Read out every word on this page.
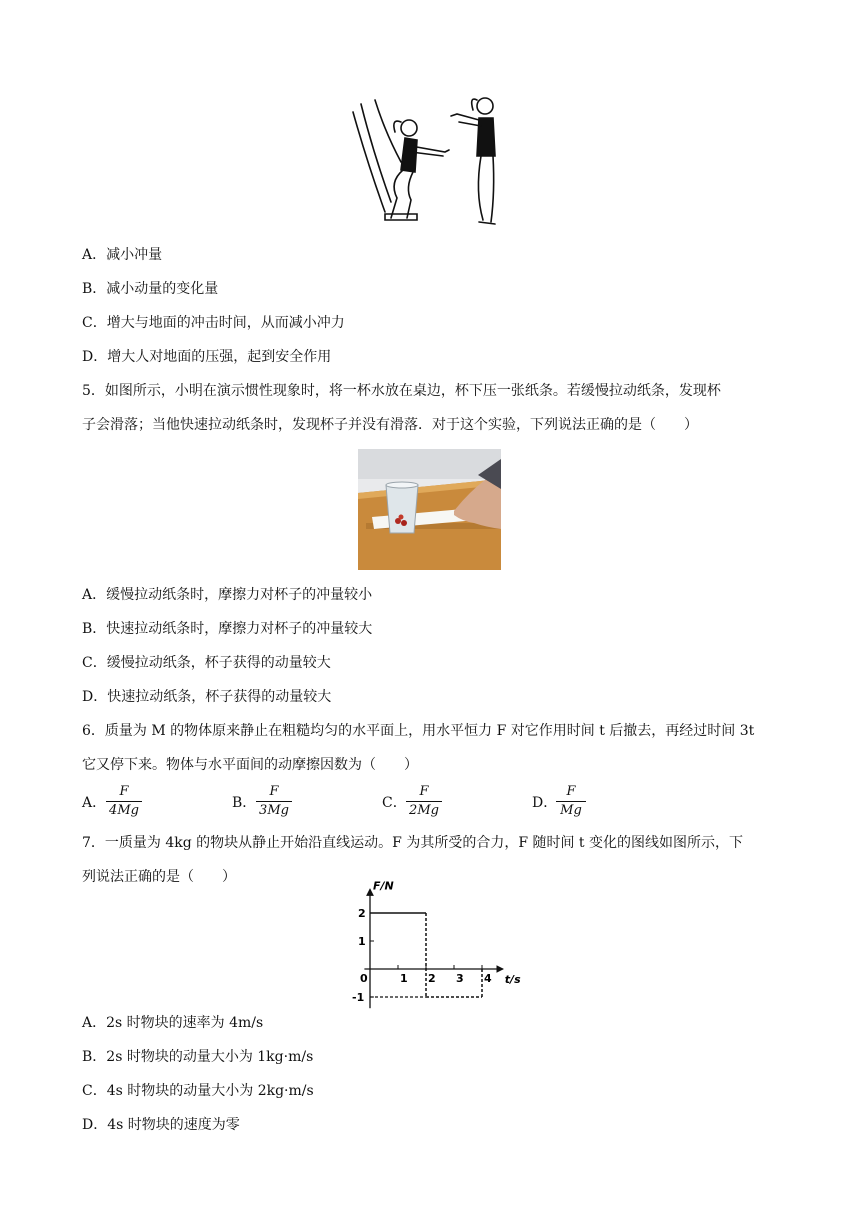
A．减小冲量
B．减小动量的变化量
C．增大与地面的冲击时间，从而减小冲力
D．增大人对地面的压强，起到安全作用
5．如图所示，小明在演示惯性现象时，将一杯水放在桌边，杯下压一张纸条。若缓慢拉动纸条，发现杯
子会滑落；当他快速拉动纸条时，发现杯子并没有滑落．对于这个实验，下列说法正确的是（　　）
A．缓慢拉动纸条时，摩擦力对杯子的冲量较小
B．快速拉动纸条时，摩擦力对杯子的冲量较大
C．缓慢拉动纸条，杯子获得的动量较大
D．快速拉动纸条，杯子获得的动量较大
6．质量为 M 的物体原来静止在粗糙均匀的水平面上，用水平恒力 F 对它作用时间 t 后撤去，再经过时间 3t
它又停下来。物体与水平面间的动摩擦因数为（　　）
A．
F
4Mg	B．
F
3Mg	C．
F
2Mg	D．
F
Mg
7．一质量为 4kg 的物块从静止开始沿直线运动。F 为其所受的合力，F 随时间 t 变化的图线如图所示，下
列说法正确的是（　　）
F/N
t/s
0	1 2 3 4
2
1
-1
A．2s 时物块的速率为 4m/s
B．2s 时物块的动量大小为 1kg·m/s
C．4s 时物块的动量大小为 2kg·m/s
D．4s 时物块的速度为零
